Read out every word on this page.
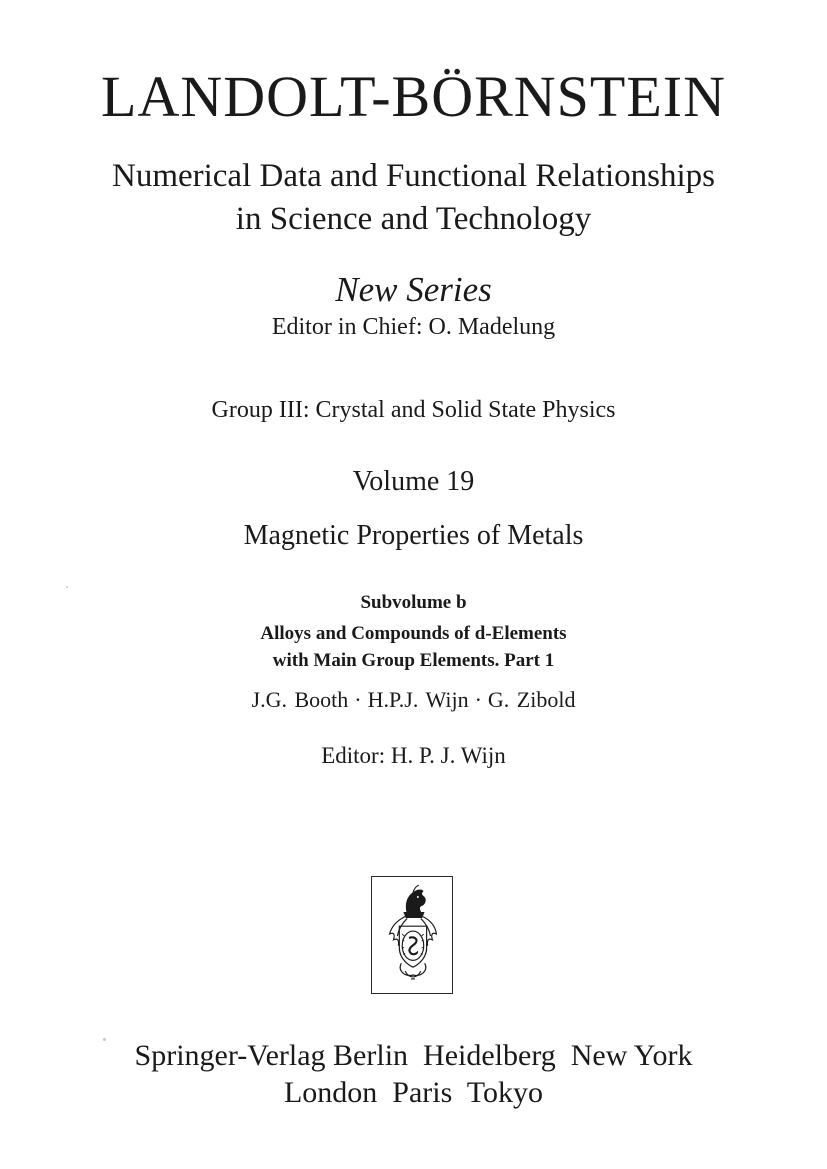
LANDOLT-BÖRNSTEIN
Numerical Data and Functional Relationships
in Science and Technology
New Series
Editor in Chief: O. Madelung
Group III: Crystal and Solid State Physics
Volume 19
Magnetic Properties of Metals
Subvolume b
Alloys and Compounds of d-Elements
with Main Group Elements. Part 1
J.G. Booth · H.P.J. Wijn · G. Zibold
Editor: H. P. J. Wijn
Springer-Verlag Berlin  Heidelberg  New York
London  Paris  Tokyo
